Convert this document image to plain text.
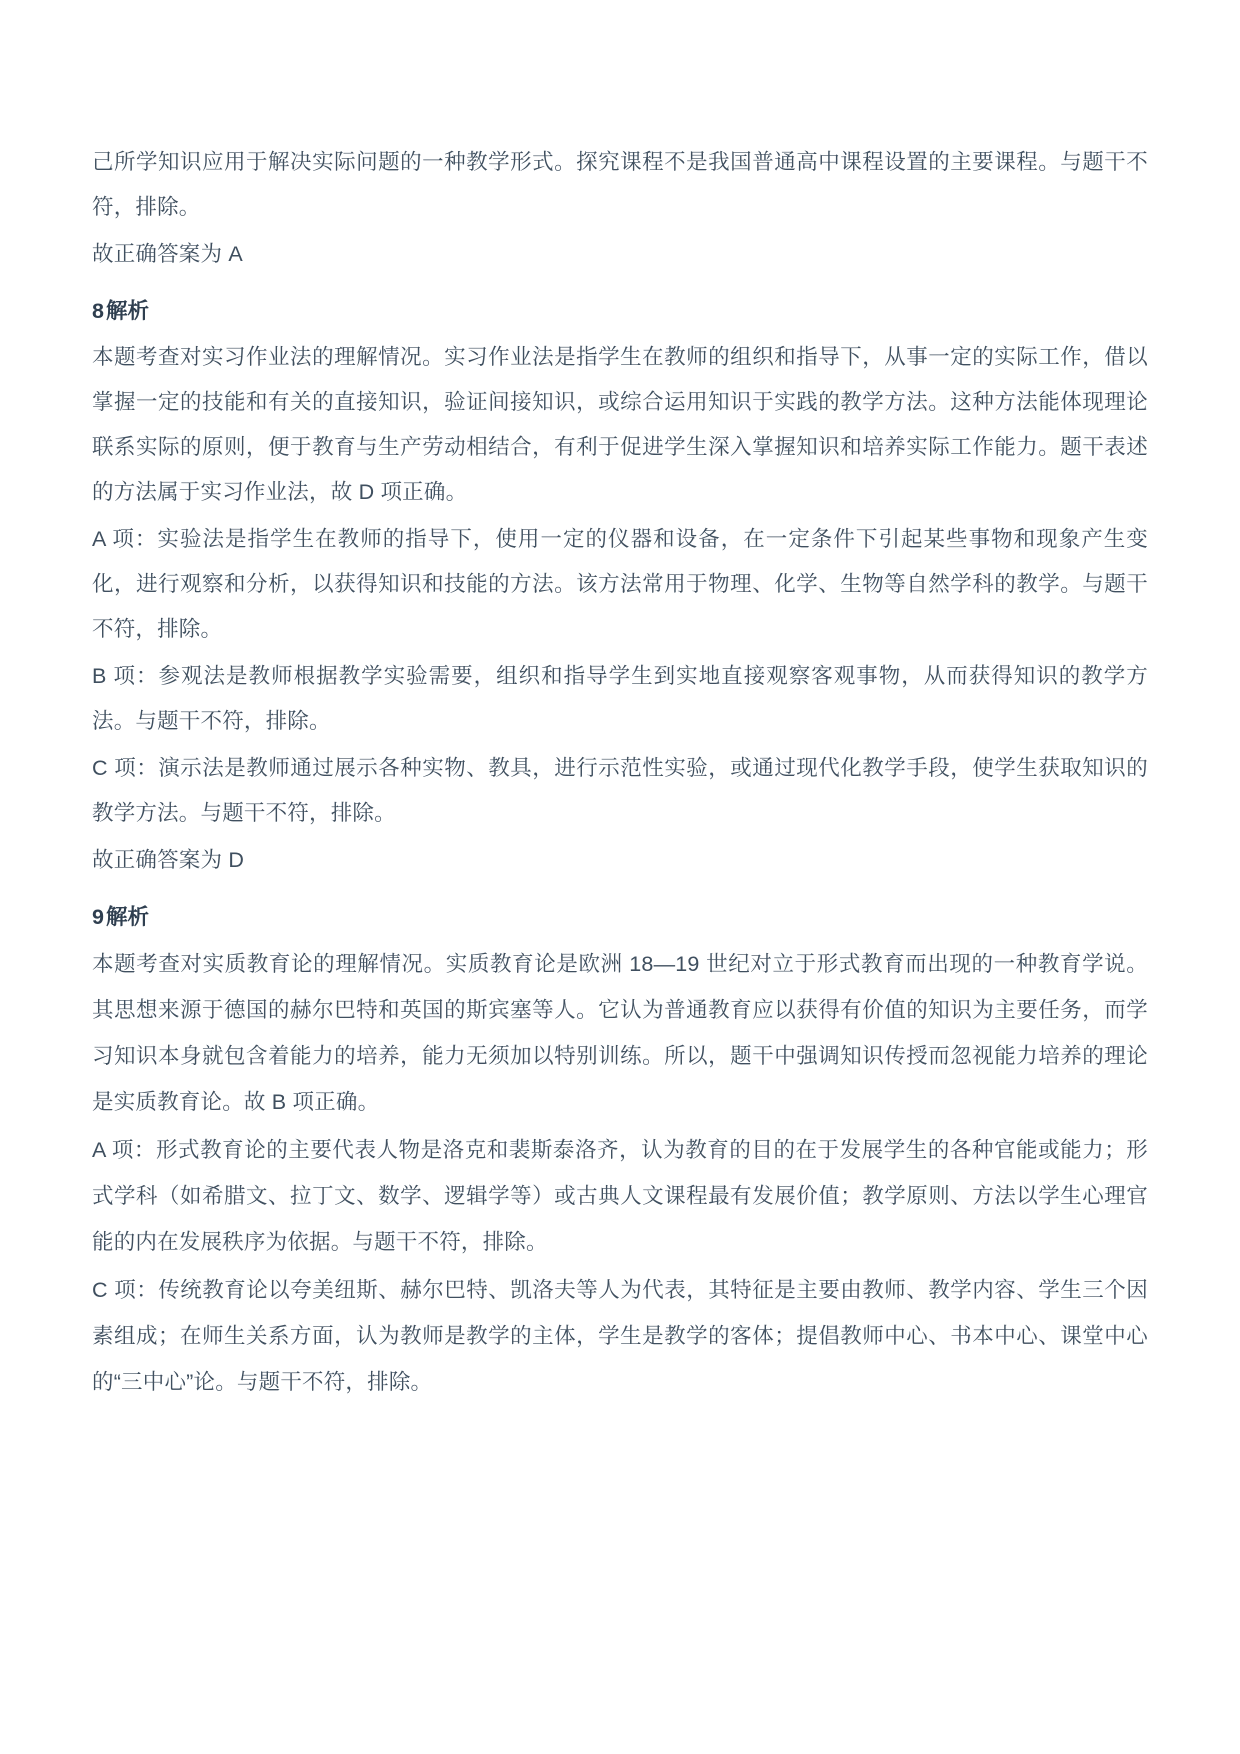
己所学知识应用于解决实际问题的一种教学形式。探究课程不是我国普通高中课程设置的主要课程。与题干不符，排除。

故正确答案为 A

8解析

本题考查对实习作业法的理解情况。实习作业法是指学生在教师的组织和指导下，从事一定的实际工作，借以掌握一定的技能和有关的直接知识，验证间接知识，或综合运用知识于实践的教学方法。这种方法能体现理论联系实际的原则，便于教育与生产劳动相结合，有利于促进学生深入掌握知识和培养实际工作能力。题干表述的方法属于实习作业法，故 D 项正确。

A 项：实验法是指学生在教师的指导下，使用一定的仪器和设备，在一定条件下引起某些事物和现象产生变化，进行观察和分析，以获得知识和技能的方法。该方法常用于物理、化学、生物等自然学科的教学。与题干不符，排除。

B 项：参观法是教师根据教学实验需要，组织和指导学生到实地直接观察客观事物，从而获得知识的教学方法。与题干不符，排除。

C 项：演示法是教师通过展示各种实物、教具，进行示范性实验，或通过现代化教学手段，使学生获取知识的教学方法。与题干不符，排除。

故正确答案为 D

9解析

本题考查对实质教育论的理解情况。实质教育论是欧洲 18—19 世纪对立于形式教育而出现的一种教育学说。其思想来源于德国的赫尔巴特和英国的斯宾塞等人。它认为普通教育应以获得有价值的知识为主要任务，而学习知识本身就包含着能力的培养，能力无须加以特别训练。所以，题干中强调知识传授而忽视能力培养的理论是实质教育论。故 B 项正确。

A 项：形式教育论的主要代表人物是洛克和裴斯泰洛齐，认为教育的目的在于发展学生的各种官能或能力；形式学科（如希腊文、拉丁文、数学、逻辑学等）或古典人文课程最有发展价值；教学原则、方法以学生心理官能的内在发展秩序为依据。与题干不符，排除。

C 项：传统教育论以夸美纽斯、赫尔巴特、凯洛夫等人为代表，其特征是主要由教师、教学内容、学生三个因素组成；在师生关系方面，认为教师是教学的主体，学生是教学的客体；提倡教师中心、书本中心、课堂中心的“三中心”论。与题干不符，排除。
